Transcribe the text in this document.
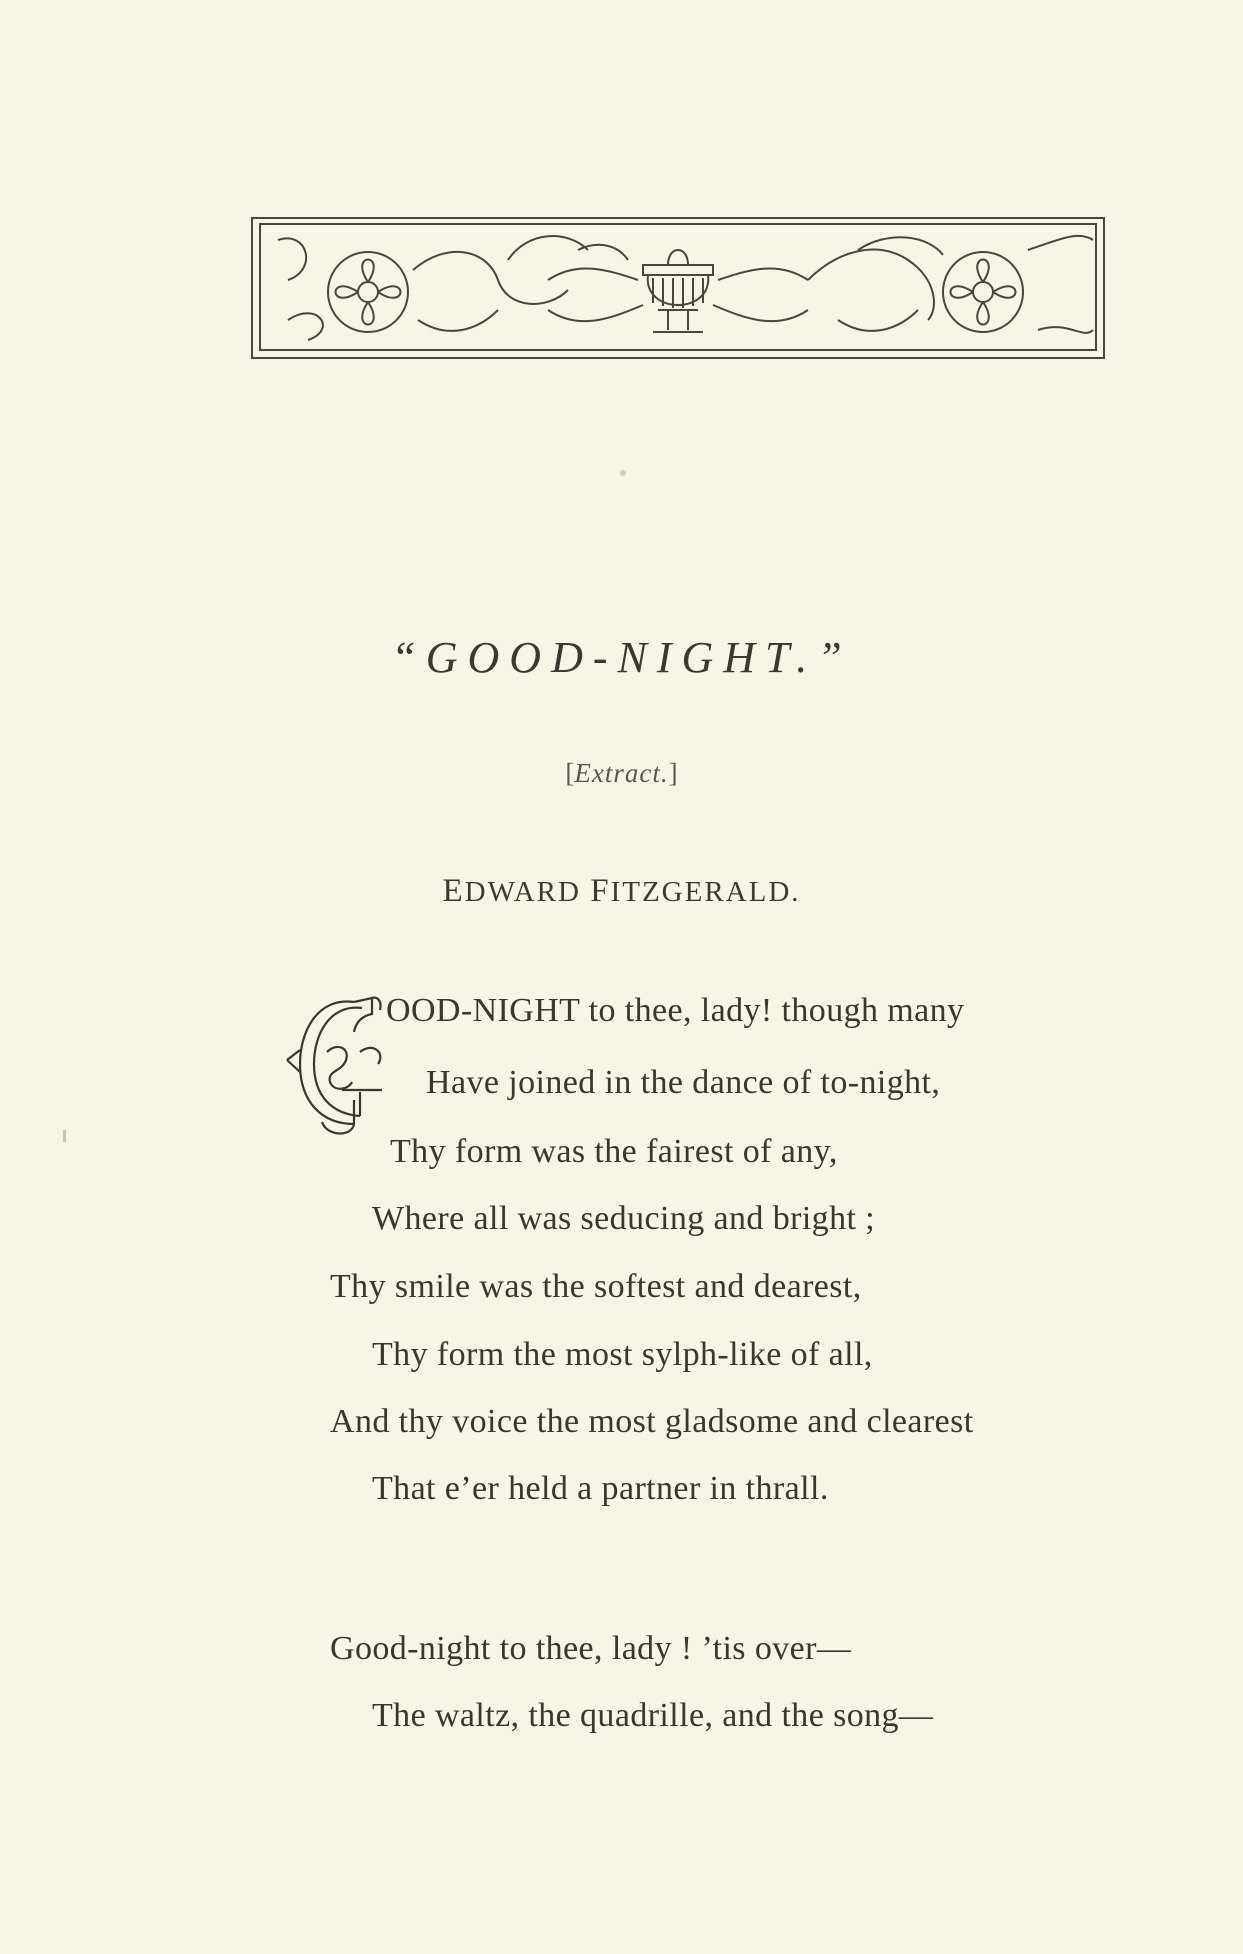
“GOOD-NIGHT.”
[Extract.]
EDWARD FITZGERALD.
OOD-NIGHT to thee, lady! though many
Have joined in the dance of to-night,
Thy form was the fairest of any,
Where all was seducing and bright ;
Thy smile was the softest and dearest,
Thy form the most sylph-like of all,
And thy voice the most gladsome and clearest
That e’er held a partner in thrall.
Good-night to thee, lady ! ’tis over—
The waltz, the quadrille, and the song—
